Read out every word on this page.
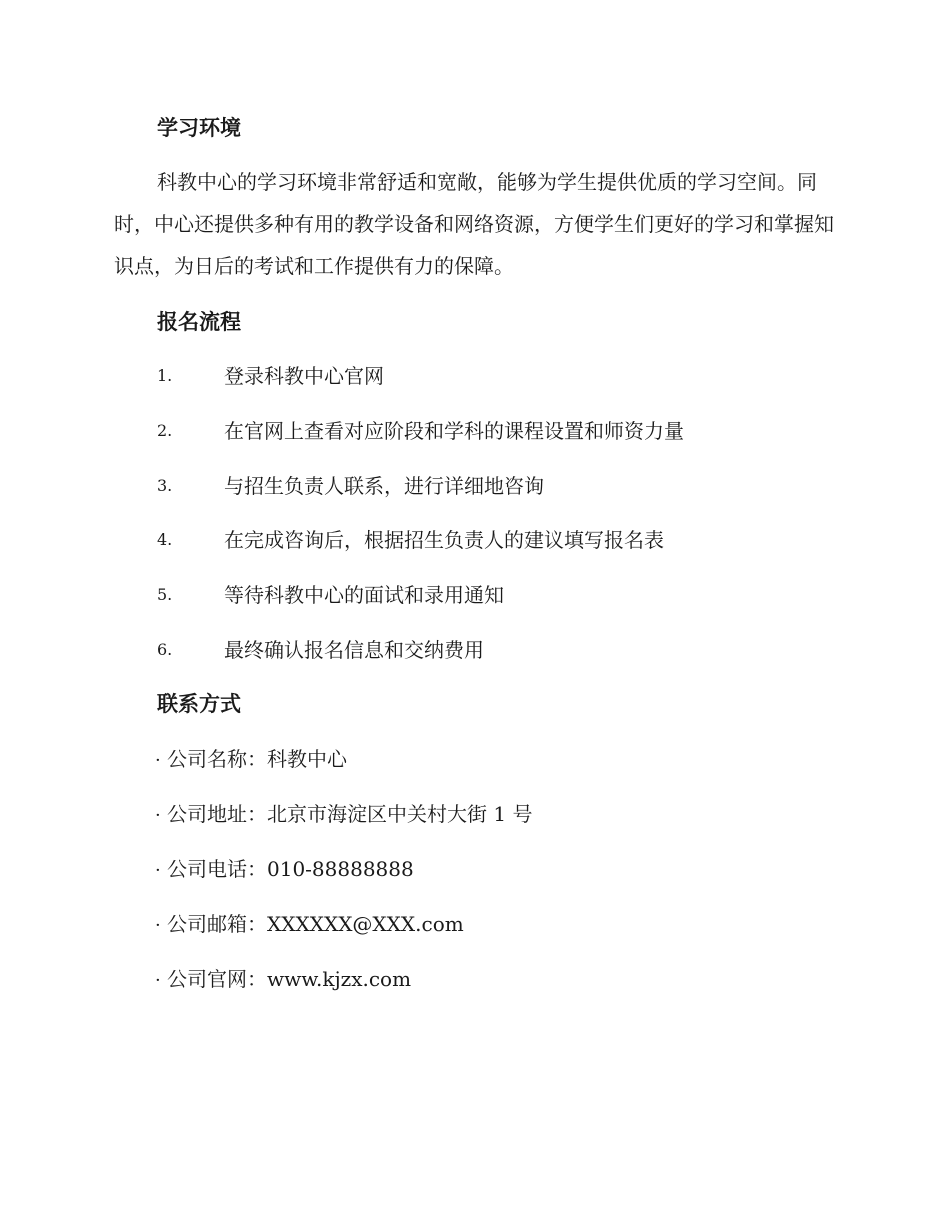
学习环境
科教中心的学习环境非常舒适和宽敞，能够为学生提供优质的学习空间。同时，中心还提供多种有用的教学设备和网络资源，方便学生们更好的学习和掌握知识点，为日后的考试和工作提供有力的保障。
报名流程
1.	登录科教中心官网
2.	在官网上查看对应阶段和学科的课程设置和师资力量
3.	与招生负责人联系，进行详细地咨询
4.	在完成咨询后，根据招生负责人的建议填写报名表
5.	等待科教中心的面试和录用通知
6.	最终确认报名信息和交纳费用
联系方式
· 公司名称：科教中心
· 公司地址：北京市海淀区中关村大街 1 号
· 公司电话：010-88888888
· 公司邮箱：XXXXXX@XXX.com
· 公司官网：www.kjzx.com
